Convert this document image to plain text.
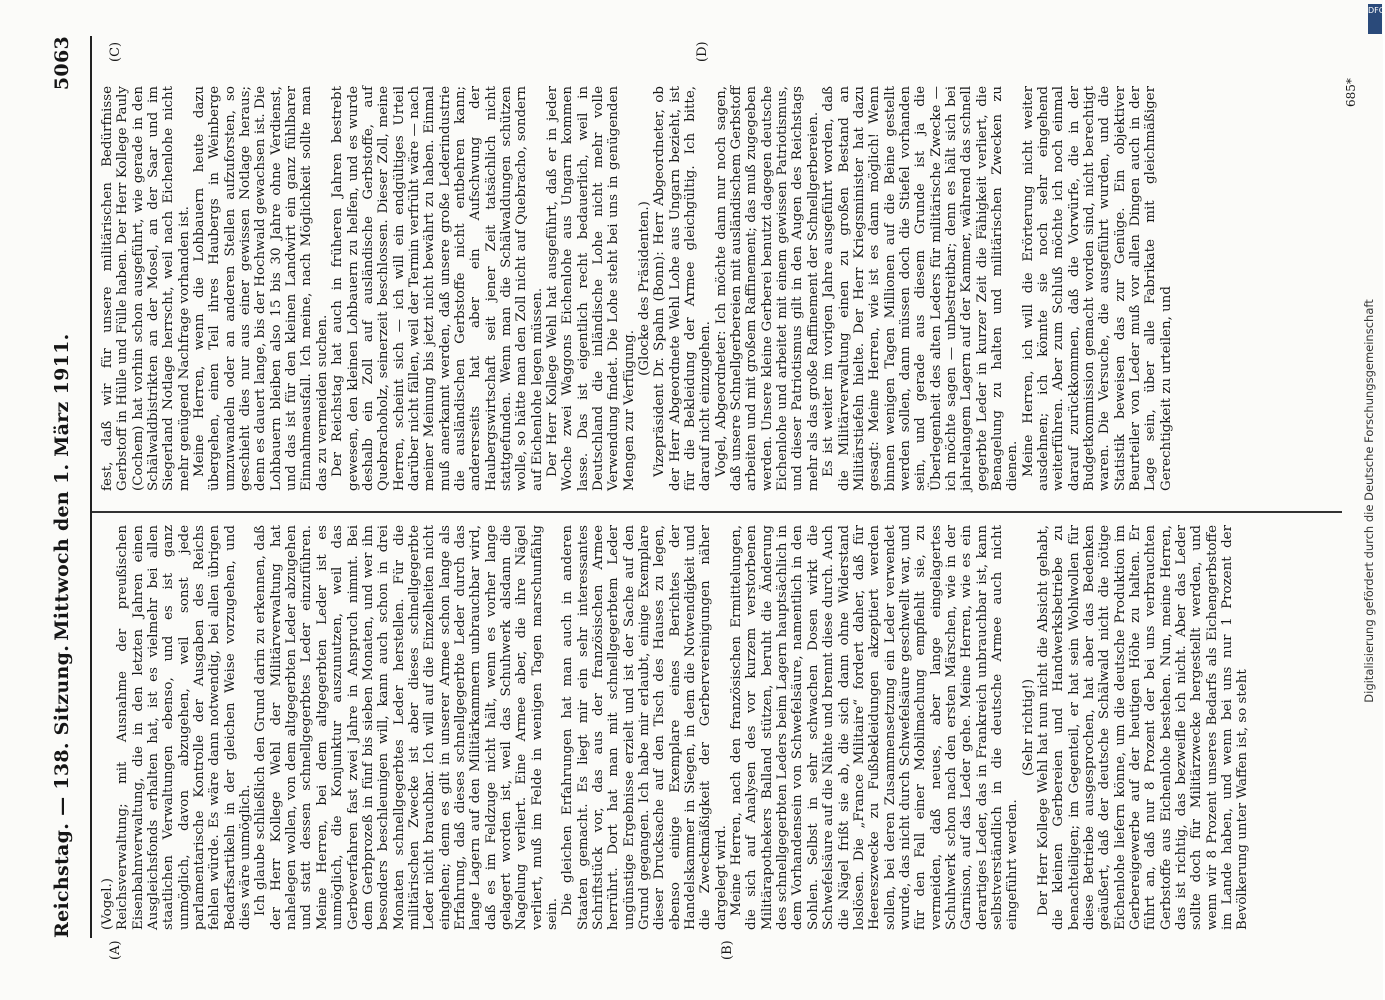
Reichstag. — 138. Sitzung.
Mittwoch den 1. März 1911.
5063
(A)	(B)
(C)	(D)

(Vogel.) Reichsverwaltung; mit Ausnahme der preußischen Eisenbahnverwaltung, die in den letzten Jahren einen Ausgleichsfonds erhalten hat, ist es vielmehr bei allen staatlichen Verwaltungen ebenso, und es ist ganz unmöglich, davon abzugehen, weil sonst jede parlamentarische Kontrolle der Ausgaben des Reichs fehlen würde. Es wäre dann notwendig, bei allen übrigen Bedarfsartikeln in der gleichen Weise vorzugehen, und dies wäre unmöglich. Ich glaube schließlich den Grund darin zu erkennen, daß der Herr Kollege Wehl der Militärverwaltung hat nahelegen wollen, von dem altgegerbten Leder abzugehen und statt dessen schnellgegerbtes Leder einzuführen. Meine Herren, bei dem altgegerbten Leder ist es unmöglich, die Konjunktur auszunutzen, weil das Gerbeverfahren fast zwei Jahre in Anspruch nimmt. Bei dem Gerbprozeß in fünf bis sieben Monaten, und wer ihn besonders beschleunigen will, kann auch schon in drei Monaten schnellgegerbtes Leder herstellen. Für die militärischen Zwecke ist aber dieses schnellgegerbte Leder nicht brauchbar. Ich will auf die Einzelheiten nicht eingehen; denn es gilt in unserer Armee schon lange als Erfahrung, daß dieses schnellgegerbte Leder durch das lange Lagern auf den Militärkammern unbrauchbar wird, daß es im Feldzuge nicht hält, wenn es vorher lange gelagert worden ist, weil das Schuhwerk alsdann die Nagelung verliert. Eine Armee aber, die ihre Nägel verliert, muß im Felde in wenigen Tagen marschunfähig sein. Die gleichen Erfahrungen hat man auch in anderen Staaten gemacht. Es liegt mir ein sehr interessantes Schriftstück vor, das aus der französischen Armee herrührt. Dort hat man mit schnellgegerbtem Leder ungünstige Ergebnisse erzielt und ist der Sache auf den Grund gegangen. Ich habe mir erlaubt, einige Exemplare dieser Drucksache auf den Tisch des Hauses zu legen, ebenso einige Exemplare eines Berichtes der Handelskammer in Siegen, in dem die Notwendigkeit und die Zweckmäßigkeit der Gerbervereinigungen näher dargelegt wird. Meine Herren, nach den französischen Ermittelungen, die sich auf Analysen des vor kurzem verstorbenen Militärapothekers Balland stützen, beruht die Änderung des schnellgegerbten Leders beim Lagern hauptsächlich in dem Vorhandensein von Schwefelsäure, namentlich in den Sohlen. Selbst in sehr schwachen Dosen wirkt die Schwefelsäure auf die Nähte und brennt diese durch. Auch die Nägel frißt sie ab, die sich dann ohne Widerstand loslösen. Die „France Militaire“ fordert daher, daß für Heereszwecke zu Fußbekleidungen akzeptiert werden sollen, bei deren Zusammensetzung ein Leder verwendet wurde, das nicht durch Schwefelsäure geschwellt war, und für den Fall einer Mobilmachung empfiehlt sie, zu vermeiden, daß neues, aber lange eingelagertes Schuhwerk schon nach den ersten Märschen, wie in der Garnison, auf das Leder gehe. Meine Herren, wie es ein derartiges Leder, das in Frankreich unbrauchbar ist, kann selbstverständlich in die deutsche Armee auch nicht eingeführt werden.

(Sehr richtig!) Der Herr Kollege Wehl hat nun nicht die Absicht gehabt, die kleinen Gerbereien und Handwerksbetriebe zu benachteiligen; im Gegenteil, er hat sein Wohlwollen für diese Betriebe ausgesprochen, hat aber das Bedenken geäußert, daß der deutsche Schälwald nicht die nötige Eichenlohe liefern könne, um die deutsche Produktion im Gerbereigewerbe auf der heutigen Höhe zu halten. Er führt an, daß nur 8 Prozent der bei uns verbrauchten Gerbstoffe aus Eichenlohe bestehen. Nun, meine Herren, das ist richtig, das bezweifle ich nicht. Aber das Leder sollte doch für Militärzwecke hergestellt werden, und wenn wir 8 Prozent unseres Bedarfs als Eichengerbstoffe im Lande haben, und wenn bei uns nur 1 Prozent der Bevölkerung unter Waffen ist, so steht

fest, daß wir für unsere militärischen Bedürfnisse Gerbstoff in Hülle und Fülle haben. Der Herr Kollege Pauly (Cochem) hat vorhin schon ausgeführt, wie gerade in den Schälwaldbistrikten an der Mosel, an der Saar und im Siegerland Notlage herrscht, weil nach Eichenlohe nicht mehr genügend Nachfrage vorhanden ist. Meine Herren, wenn die Lohbauern heute dazu übergehen, einen Teil ihres Haubergs in Weinberge umzuwandeln oder an anderen Stellen aufzuforsten, so geschieht dies nur aus einer gewissen Notlage heraus; denn es dauert lange, bis der Hochwald gewachsen ist. Die Lohbauern bleiben also 15 bis 30 Jahre ohne Verdienst, und das ist für den kleinen Landwirt ein ganz fühlbarer Einnahmeausfall. Ich meine, nach Möglichkeit sollte man das zu vermeiden suchen. Der Reichstag hat auch in früheren Jahren bestrebt gewesen, den kleinen Lohbauern zu helfen, und es wurde deshalb ein Zoll auf ausländische Gerbstoffe, auf Quebrachoholz, seinerzeit beschlossen. Dieser Zoll, meine Herren, scheint sich — ich will ein endgültiges Urteil darüber nicht fällen, weil der Termin verfrüht wäre — nach meiner Meinung bis jetzt nicht bewährt zu haben. Einmal muß anerkannt werden, daß unsere große Lederindustrie die ausländischen Gerbstoffe nicht entbehren kann; andererseits hat aber ein Aufschwung der Haubergswirtschaft seit jener Zeit tatsächlich nicht stattgefunden. Wenn man die Schälwaldungen schützen wolle, so hätte man den Zoll nicht auf Quebracho, sondern auf Eichenlohe legen müssen. Der Herr Kollege Wehl hat ausgeführt, daß er in jeder Woche zwei Waggons Eichenlohe aus Ungarn kommen lasse. Das ist eigentlich recht bedauerlich, weil in Deutschland die inländische Lohe nicht mehr volle Verwendung findet. Die Lohe steht bei uns in genügenden Mengen zur Verfügung.

(Glocke des Präsidenten.) Vizepräsident Dr. Spahn (Bonn): Herr Abgeordneter, ob der Herr Abgeordnete Wehl Lohe aus Ungarn bezieht, ist für die Bekleidung der Armee gleichgültig. Ich bitte, darauf nicht einzugehen. Vogel, Abgeordneter: Ich möchte dann nur noch sagen, daß unsere Schnellgerbereien mit ausländischem Gerbstoff arbeiten und mit großem Raffinement; das muß zugegeben werden. Unsere kleine Gerberei benutzt dagegen deutsche Eichenlohe und arbeitet mit einem gewissen Patriotismus, und dieser Patriotismus gilt in den Augen des Reichstags mehr als das große Raffinement der Schnellgerbereien. Es ist weiter im vorigen Jahre ausgeführt worden, daß die Militärverwaltung einen zu großen Bestand an Militärstiefeln hielte. Der Herr Kriegsminister hat dazu gesagt: Meine Herren, wie ist es dann möglich! Wenn binnen wenigen Tagen Millionen auf die Beine gestellt werden sollen, dann müssen doch die Stiefel vorhanden sein, und gerade aus diesem Grunde ist ja die Überlegenheit des alten Leders für militärische Zwecke — ich möchte sagen — unbestreitbar; denn es hält sich bei jahrelangem Lagern auf der Kammer, während das schnell gegerbte Leder in kurzer Zeit die Fähigkeit verliert, die Benagelung zu halten und militärischen Zwecken zu dienen. Meine Herren, ich will die Erörterung nicht weiter ausdehnen; ich könnte sie noch sehr eingehend weiterführen. Aber zum Schluß möchte ich noch einmal darauf zurückkommen, daß die Vorwürfe, die in der Budgetkommission gemacht worden sind, nicht berechtigt waren. Die Versuche, die ausgeführt wurden, und die Statistik beweisen das zur Genüge. Ein objektiver Beurteiler von Leder muß vor allen Dingen auch in der Lage sein, über alle Fabrikate mit gleichmäßiger Gerechtigkeit zu urteilen, und

685*
DFG
Digitalisierung gefördert durch die Deutsche Forschungsgemeinschaft
